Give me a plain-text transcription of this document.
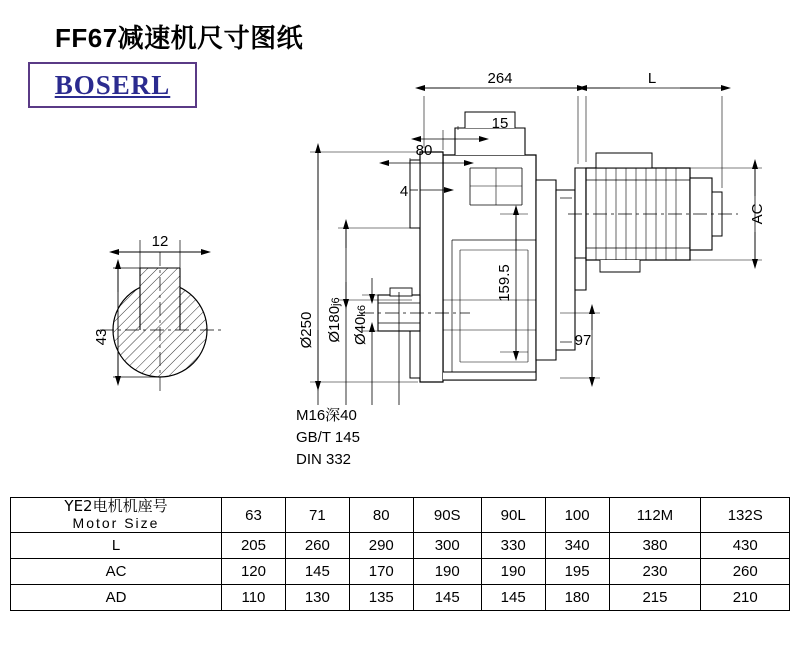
FF67减速机尺寸图纸
BOSERL
12
264	L
15
80
4
97
43
AC
159.5
Ø250 Ø180j6
Ø40k6
M16深40
GB/T 145
DIN 332
YE2电机机座号
Motor Size	63	71	80	90S	90L	100	112M	132S
L	205	260	290	300	330	340	380	430
AC	120	145	170	190	190	195	230	260
AD	110	130	135	145	145	180	215	210
